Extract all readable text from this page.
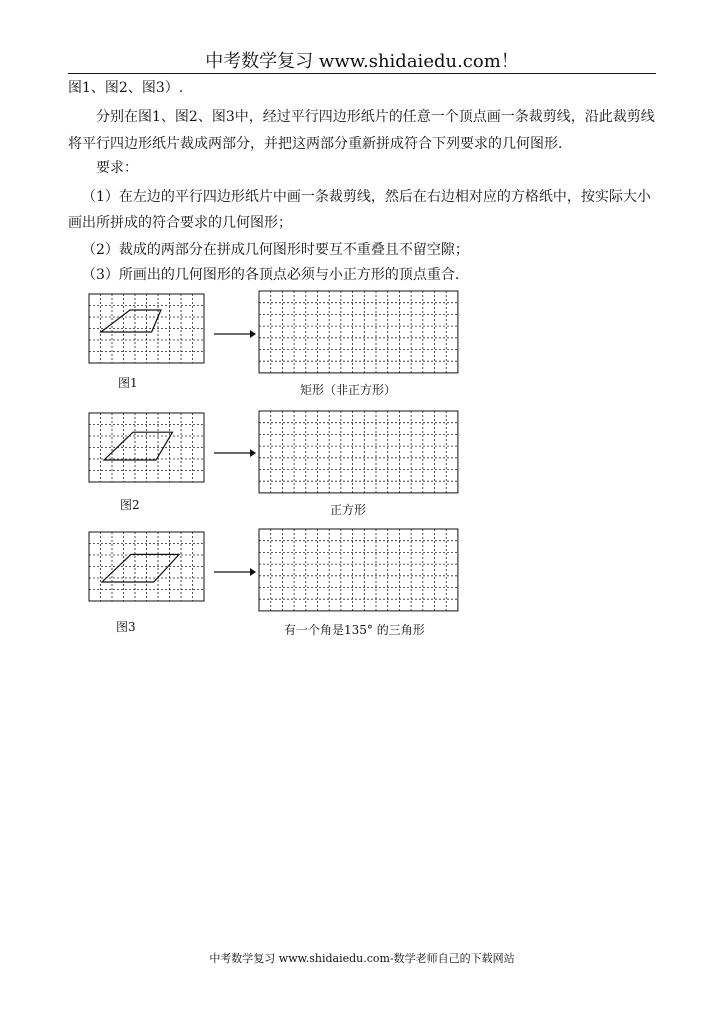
中考数学复习 www.shidaiedu.com！

图1、图2、图3）.

分别在图1、图2、图3中，经过平行四边形纸片的任意一个顶点画一条裁剪线，沿此裁剪线将平行四边形纸片裁成两部分，并把这两部分重新拼成符合下列要求的几何图形.

要求：

（1）在左边的平行四边形纸片中画一条裁剪线，然后在右边相对应的方格纸中，按实际大小画出所拼成的符合要求的几何图形；

（2）裁成的两部分在拼成几何图形时要互不重叠且不留空隙；

（3）所画出的几何图形的各顶点必须与小正方形的顶点重合.

图1	矩形（非正方形）
图2	正方形
图3	有一个角是135° 的三角形
中考数学复习 www.shidaiedu.com-数学老师自己的下载网站
